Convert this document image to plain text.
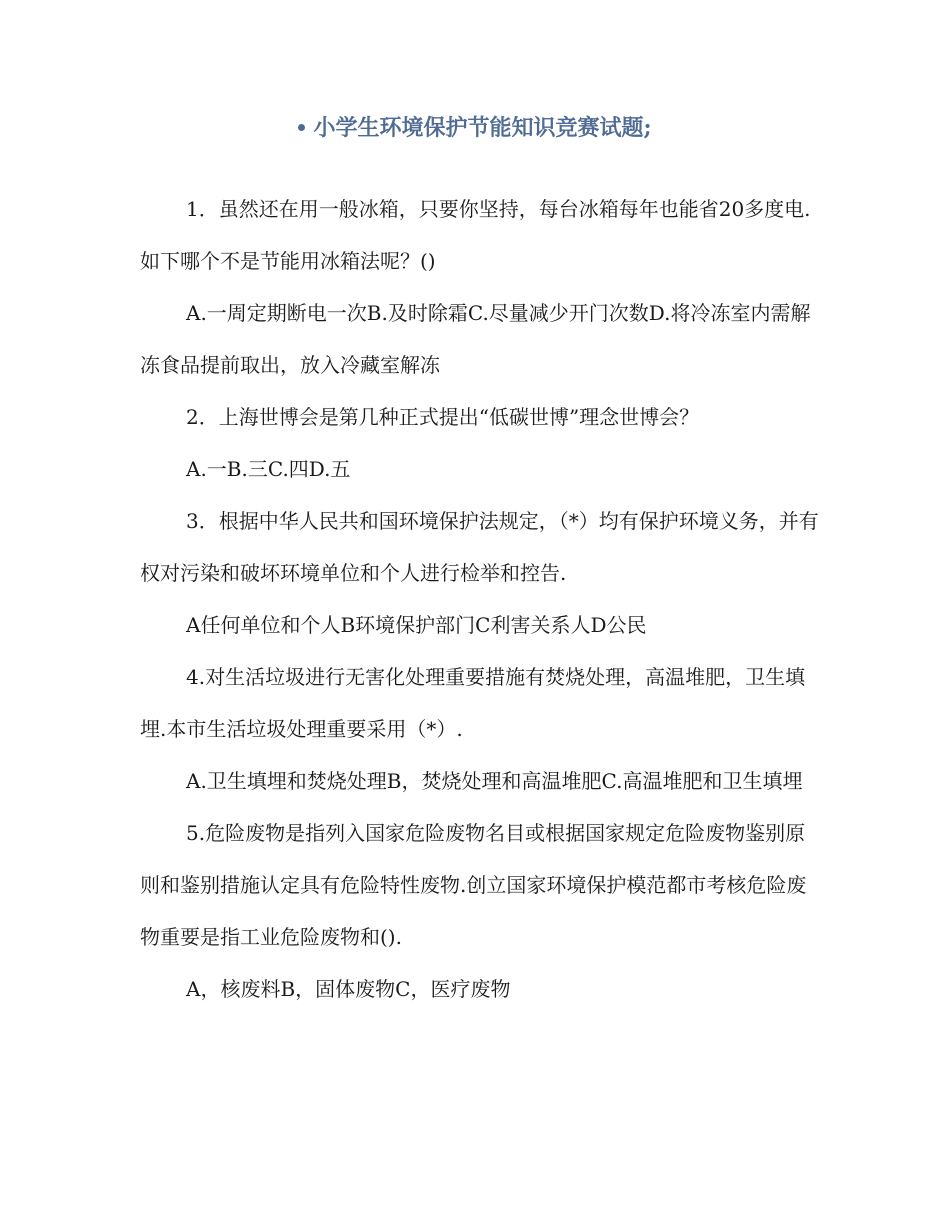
小学生环境保护节能知识竞赛试题;

1．虽然还在用一般冰箱，只要你坚持，每台冰箱每年也能省20多度电.如下哪个不是节能用冰箱法呢？()

A.一周定期断电一次B.及时除霜C.尽量减少开门次数D.将冷冻室内需解冻食品提前取出，放入冷藏室解冻

2．上海世博会是第几种正式提出“低碳世博”理念世博会？

A.一B.三C.四D.五

3．根据中华人民共和国环境保护法规定，（*）均有保护环境义务，并有权对污染和破坏环境单位和个人进行检举和控告.

A任何单位和个人B环境保护部门C利害关系人D公民

4.对生活垃圾进行无害化处理重要措施有焚烧处理，高温堆肥，卫生填埋.本市生活垃圾处理重要采用（*）.

A.卫生填埋和焚烧处理B，焚烧处理和高温堆肥C.高温堆肥和卫生填埋

5.危险废物是指列入国家危险废物名目或根据国家规定危险废物鉴别原则和鉴别措施认定具有危险特性废物.创立国家环境保护模范都市考核危险废物重要是指工业危险废物和().

A，核废料B，固体废物C，医疗废物
